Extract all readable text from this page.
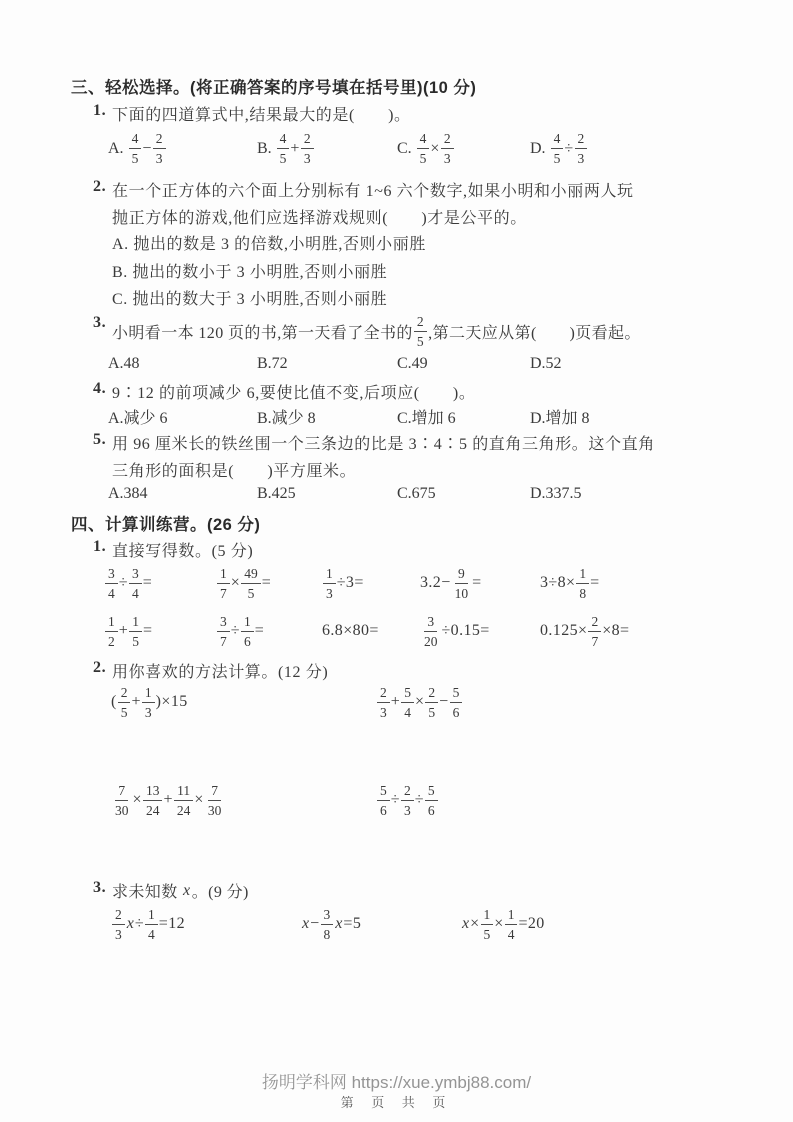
三、轻松选择。(将正确答案的序号填在括号里)(10 分)
1. 下面的四道算式中,结果最大的是(　　)。
A. $\frac{4}{5} - \frac{2}{3}$	B. $\frac{4}{5} + \frac{2}{3}$	C. $\frac{4}{5} \times \frac{2}{3}$	D. $\frac{4}{5} \div \frac{2}{3}$
2. 在一个正方体的六个面上分别标有 1~6 六个数字,如果小明和小丽两人玩
抛正方体的游戏,他们应选择游戏规则(　　)才是公平的。
A. 抛出的数是 3 的倍数,小明胜,否则小丽胜
B. 抛出的数小于 3 小明胜,否则小丽胜
C. 抛出的数大于 3 小明胜,否则小丽胜
3.
小明看一本 120 页的书,第一天看了全书的 $\frac{2}{5}$ ,第二天应从第(　　)页看起。
A.48	B.72	C.49	D.52
4. 9∶12 的前项减少 6,要使比值不变,后项应(　　)。
A.减少 6	B.减少 8	C.增加 6	D.增加 8
5. 用 96 厘米长的铁丝围一个三条边的比是 3∶4∶5 的直角三角形。这个直角
三角形的面积是(　　)平方厘米。
A.384	B.425	C.675	D.337.5
四、计算训练营。(26 分)
1. 直接写得数。(5 分)
$\frac{3}{4} \div \frac{3}{4}$ =	$\frac{1}{7} \times \frac{49}{5}$ =	$\frac{1}{3} \div 3=$	$3.2- \frac{9}{10}$ =	$3\div 8\times \frac{1}{8}$ =
$\frac{1}{2} + \frac{1}{5}$ =	$\frac{3}{7} \div \frac{1}{6}$ =	6.8×80=	$\frac{3}{20} \div 0.15=$	$0.125\times \frac{2}{7} \times 8=$
2. 用你喜欢的方法计算。(12 分)
( $\frac{2}{5} + \frac{1}{3} )\times 15$	$\frac{2}{3} + \frac{5}{4} \times \frac{2}{5} - \frac{5}{6}$
$\frac{7}{30} \times \frac{13}{24} + \frac{11}{24} \times \frac{7}{30}$	$\frac{5}{6} \div \frac{2}{3} \div \frac{5}{6}$
3. 求未知数 x 。(9 分)
$\frac{2}{3}$ $x \div \frac{1}{4} =12$	$x - \frac{3}{8}$ x =5	$x \times \frac{1}{5} \times \frac{1}{4} =20$
扬明学科网 https://xue.ymbj88.com/
第 页 共 页
